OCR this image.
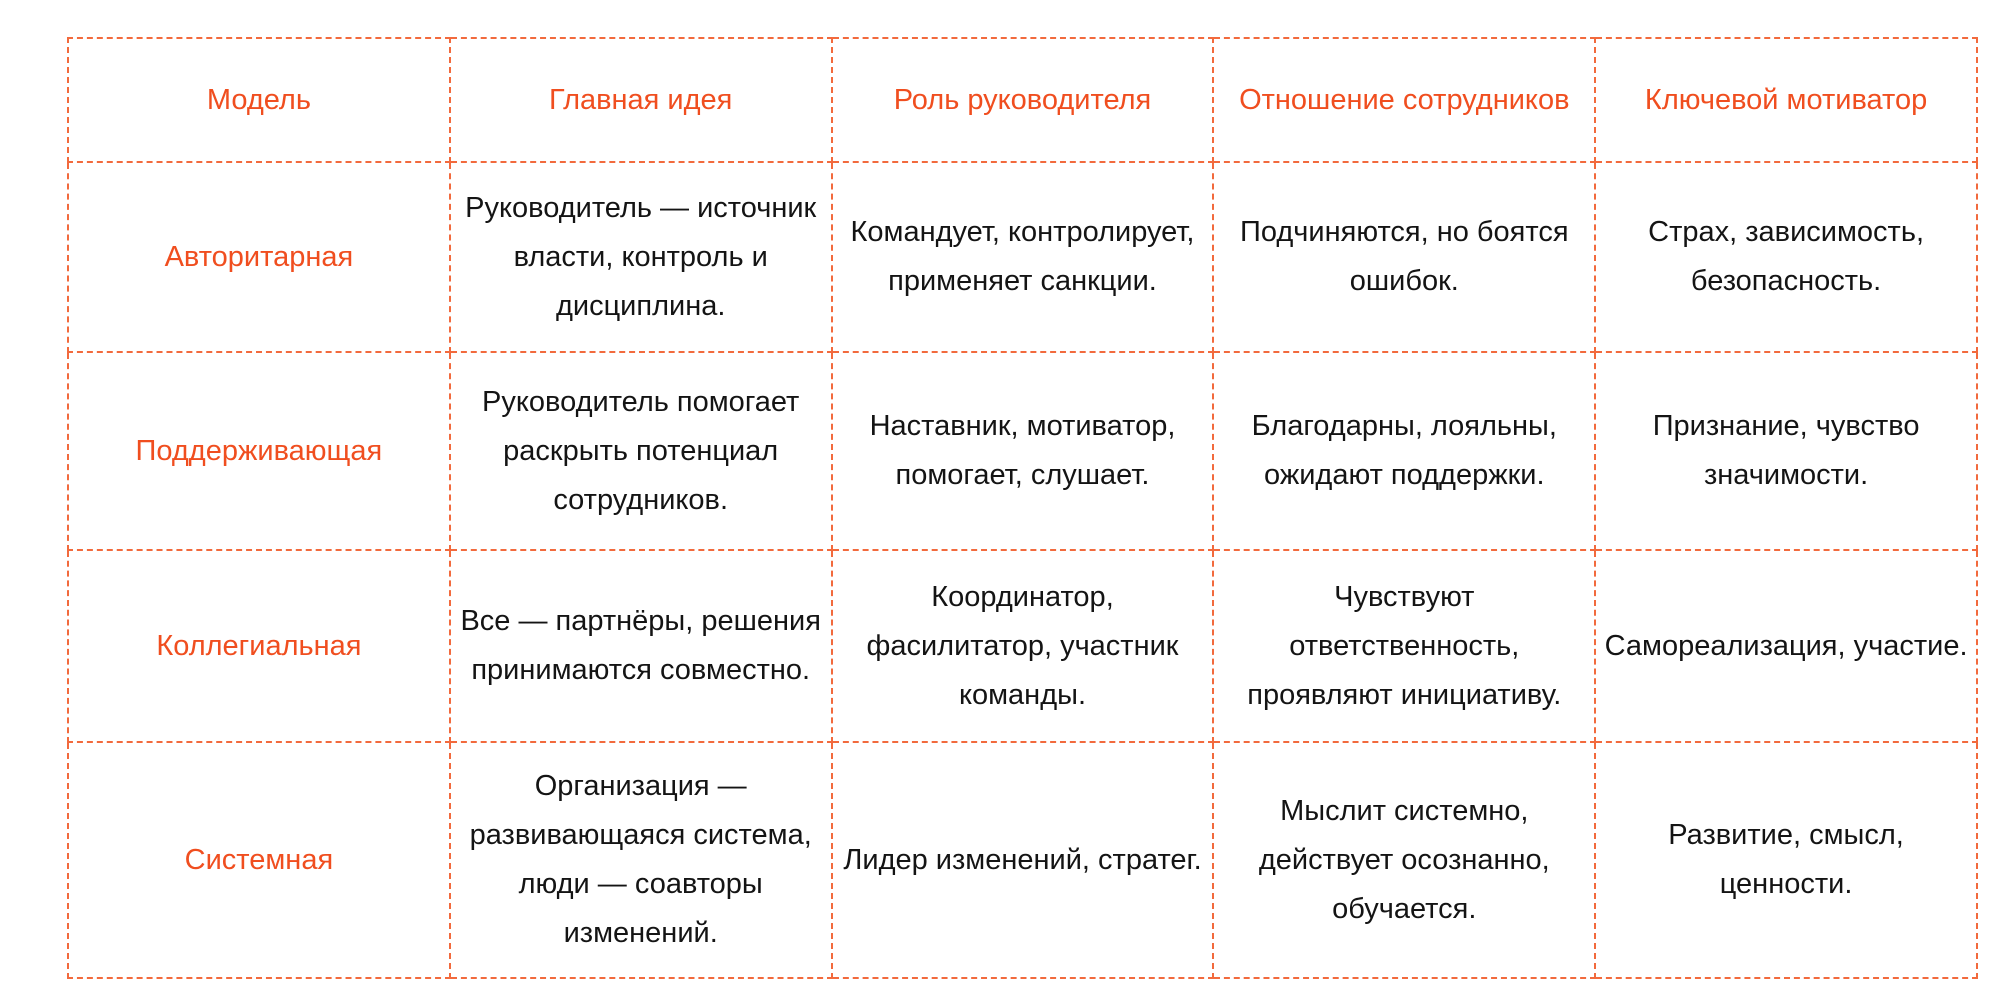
Модель	Главная идея	Роль руководителя	Отношение сотрудников	Ключевой мотиватор
Авторитарная	Руководитель — источник власти, контроль и дисциплина.	Командует, контролирует, применяет санкции.	Подчиняются, но боятся ошибок.	Страх, зависимость, безопасность.
Поддерживающая	Руководитель помогает раскрыть потенциал сотрудников.	Наставник, мотиватор, помогает, слушает.	Благодарны, лояльны, ожидают поддержки.	Признание, чувство значимости.
Коллегиальная	Все — партнёры, решения принимаются совместно.	Координатор, фасилитатор, участник команды.	Чувствуют ответственность, проявляют инициативу.	Самореализация, участие.
Системная	Организация — развивающаяся система, люди — соавторы изменений.	Лидер изменений, стратег.	Мыслит системно, действует осознанно, обучается.	Развитие, смысл, ценности.
